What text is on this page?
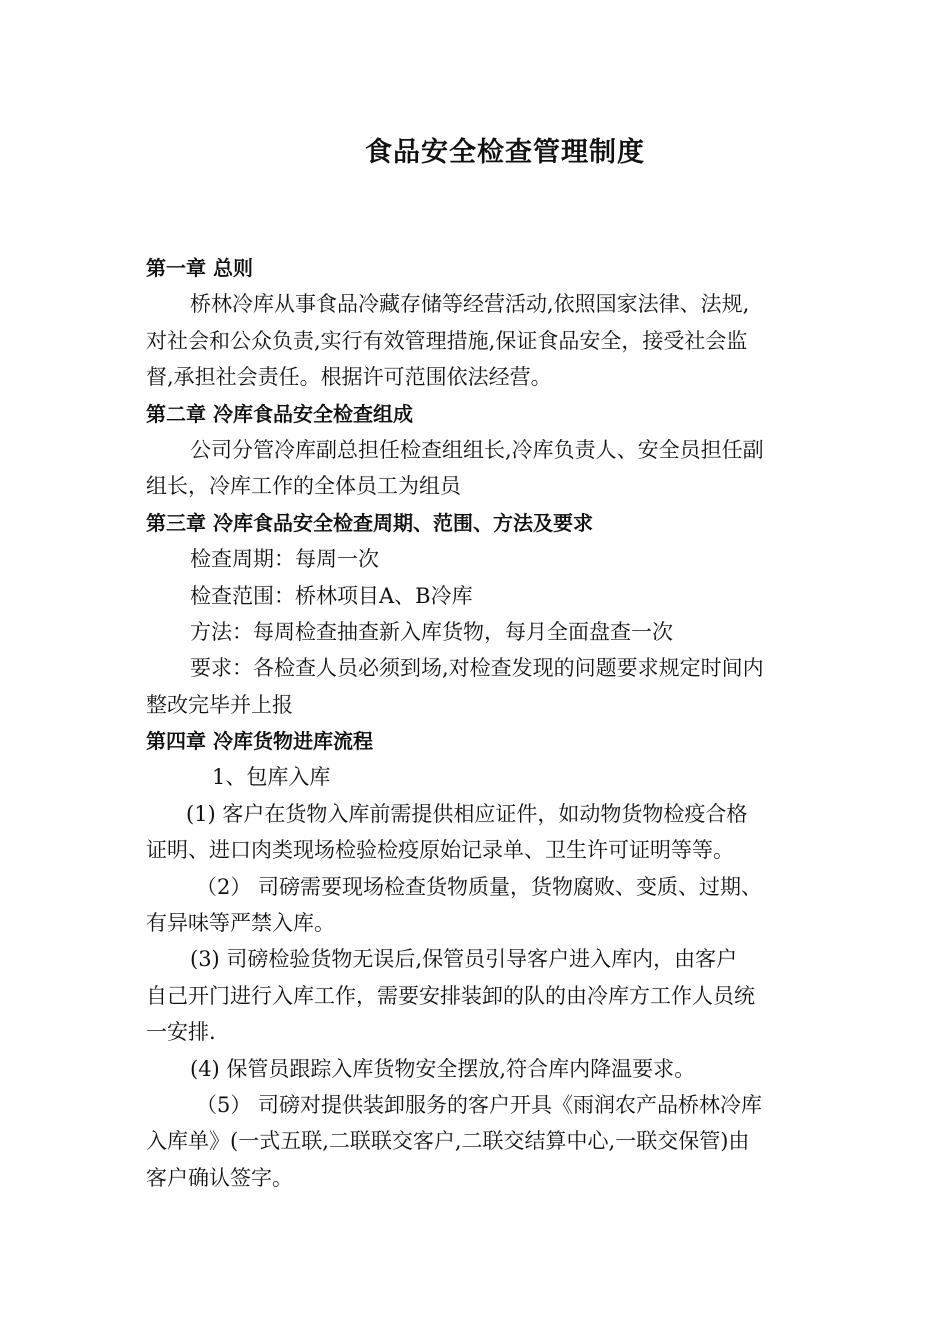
食品安全检查管理制度

第一章 总则

桥林冷库从事食品冷藏存储等经营活动,依照国家法律、法规,

对社会和公众负责,实行有效管理措施,保证食品安全，接受社会监

督,承担社会责任。根据许可范围依法经营。

第二章 冷库食品安全检查组成

公司分管冷库副总担任检查组组长,冷库负责人、安全员担任副

组长，冷库工作的全体员工为组员

第三章 冷库食品安全检查周期、范围、方法及要求

检查周期：每周一次

检查范围：桥林项目A、B冷库

方法：每周检查抽查新入库货物，每月全面盘查一次

要求：各检查人员必须到场,对检查发现的问题要求规定时间内

整改完毕并上报

第四章 冷库货物进库流程

1、包库入库

(1) 客户在货物入库前需提供相应证件，如动物货物检疫合格

证明、进口肉类现场检验检疫原始记录单、卫生许可证明等等。

（2） 司磅需要现场检查货物质量，货物腐败、变质、过期、

有异味等严禁入库。

(3) 司磅检验货物无误后,保管员引导客户进入库内，由客户

自己开门进行入库工作，需要安排装卸的队的由冷库方工作人员统

一安排.

(4) 保管员跟踪入库货物安全摆放,符合库内降温要求。

（5） 司磅对提供装卸服务的客户开具《雨润农产品桥林冷库

入库单》(一式五联,二联联交客户,二联交结算中心,一联交保管)由

客户确认签字。
